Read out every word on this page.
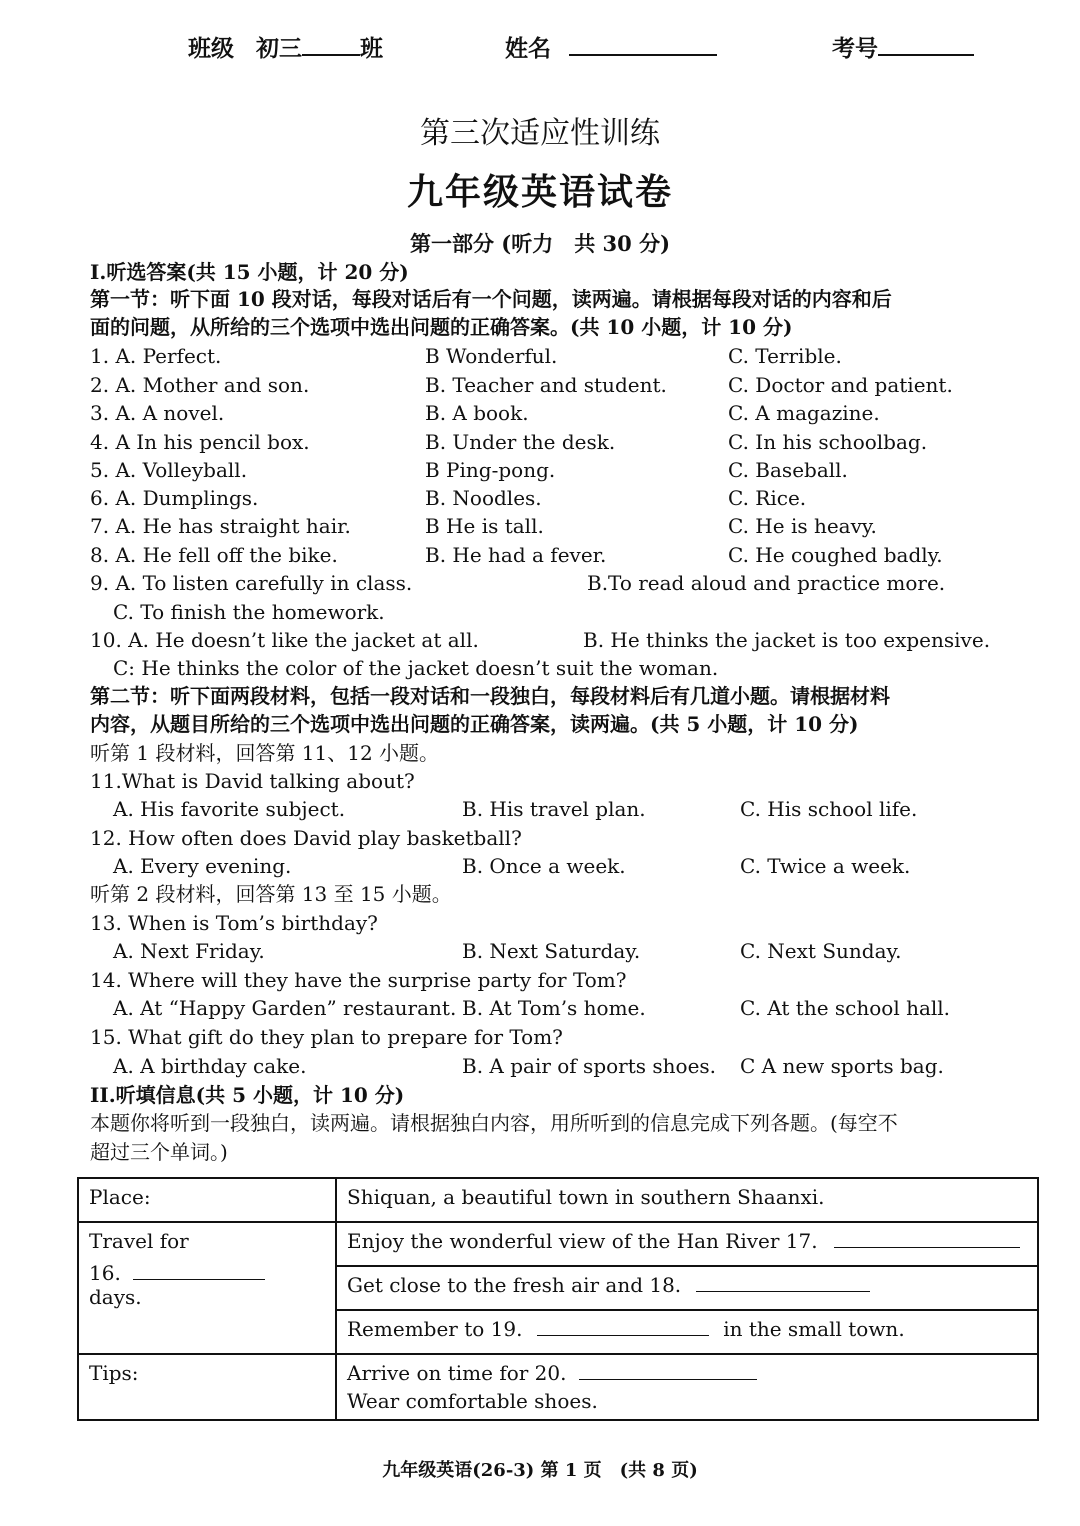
班级 初三	班	姓名	考号
第三次适应性训练
九年级英语试卷
第一部分 (听力　共 30 分)
I.听选答案(共 15 小题，计 20 分)
第一节：听下面 10 段对话，每段对话后有一个问题，读两遍。请根据每段对话的内容和后
面的问题，从所给的三个选项中选出问题的正确答案。(共 10 小题，计 10 分)
1. A. Perfect.	B Wonderful.	C. Terrible.
2. A. Mother and son.	B. Teacher and student.	C. Doctor and patient.
3. A. A novel.	B. A book.	C. A magazine.
4. A In his pencil box.	B. Under the desk.	C. In his schoolbag.
5. A. Volleyball.	B Ping-pong.	C. Baseball.
6. A. Dumplings.	B. Noodles.	C. Rice.
7. A. He has straight hair.	B He is tall.	C. He is heavy.
8. A. He fell off the bike.	B. He had a fever.	C. He coughed badly.
9. A. To listen carefully in class.	B.To read aloud and practice more.
C. To finish the homework.
10. A. He doesn’t like the jacket at all.	B. He thinks the jacket is too expensive.
C: He thinks the color of the jacket doesn’t suit the woman.
第二节：听下面两段材料，包括一段对话和一段独白，每段材料后有几道小题。请根据材料
内容，从题目所给的三个选项中选出问题的正确答案，读两遍。(共 5 小题，计 10 分)
听第 1 段材料，回答第 11、12 小题。
11.What is David talking about?
A. His favorite subject.	B. His travel plan.	C. His school life.
12. How often does David play basketball?
A. Every evening.	B. Once a week.	C. Twice a week.
听第 2 段材料，回答第 13 至 15 小题。
13. When is Tom’s birthday?
A. Next Friday.	B. Next Saturday.	C. Next Sunday.
14. Where will they have the surprise party for Tom?
A. At “Happy Garden” restaurant. B. At Tom’s home.	C. At the school hall.
15. What gift do they plan to prepare for Tom?
A. A birthday cake.	B. A pair of sports shoes. C A new sports bag.
II.听填信息(共 5 小题，计 10 分)
本题你将听到一段独白，读两遍。请根据独白内容，用所听到的信息完成下列各题。(每空不
超过三个单词。)
Place:	Shiquan, a beautiful town in southern Shaanxi.

Travel for
16.  days.	Enjoy the wonderful view of the Han River 17.
	Get close to the fresh air and 18.
	Remember to 19. in the small town.
Tips:	Arrive on time for 20.
Wear comfortable shoes.
九年级英语(26-3) 第 1 页　(共 8 页)
